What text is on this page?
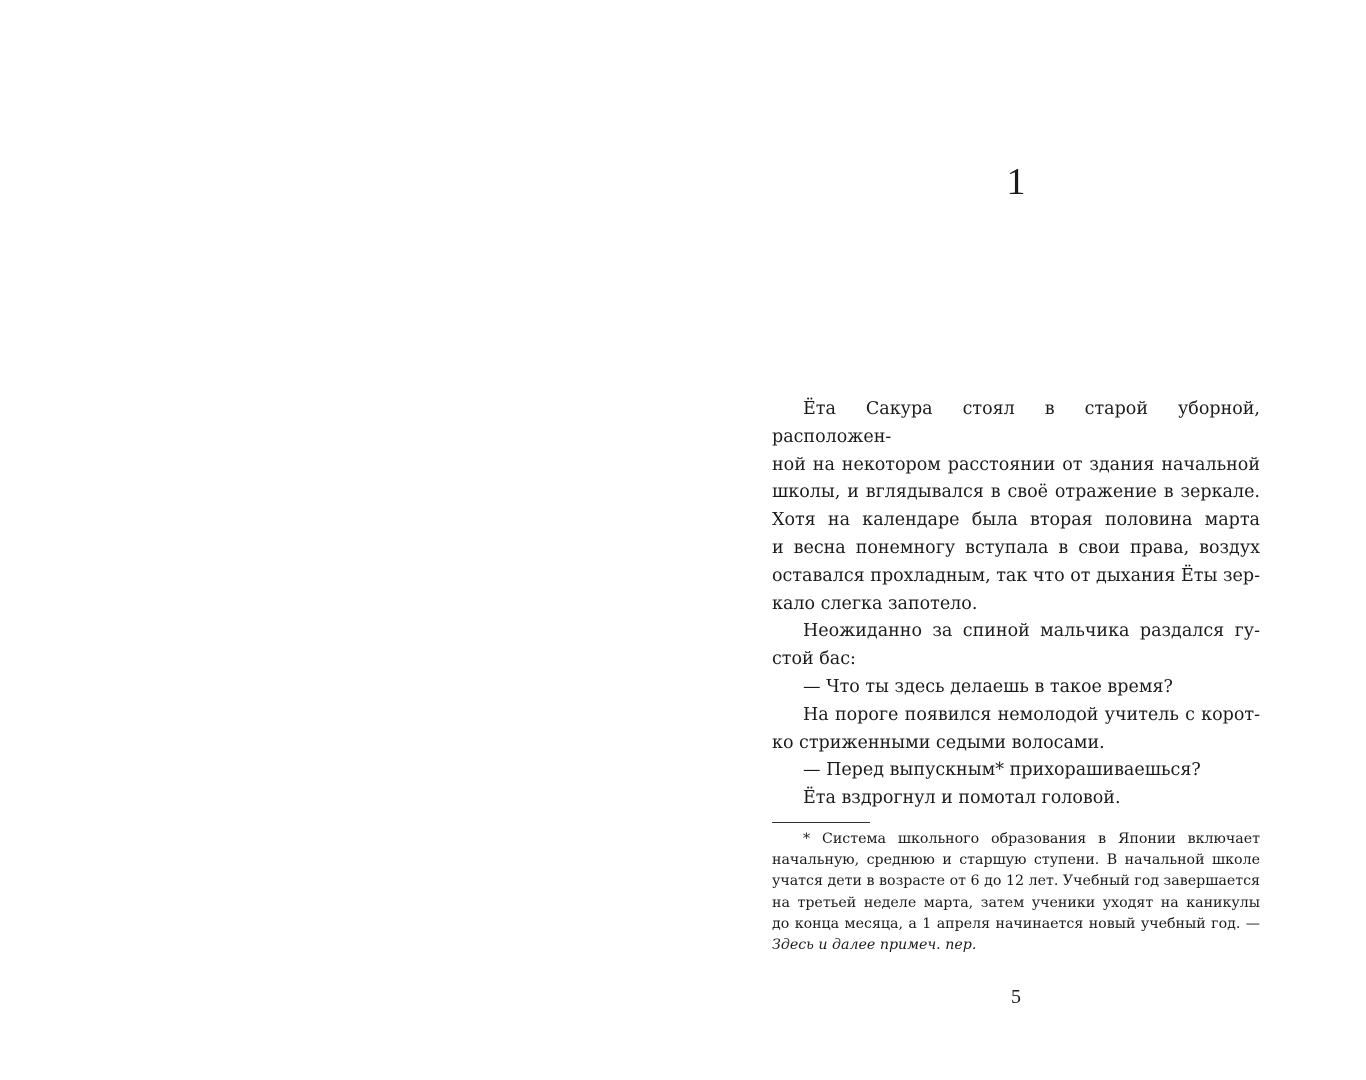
1
Ёта Сакура стоял в старой уборной, расположен-
ной на некотором расстоянии от здания начальной
школы, и вглядывался в своё отражение в зеркале.
Хотя на календаре была вторая половина марта
и весна понемногу вступала в свои права, воздух
оставался прохладным, так что от дыхания Ёты зер-
кало слегка запотело.
Неожиданно за спиной мальчика раздался гу-
стой бас:
— Что ты здесь делаешь в такое время?
На пороге появился немолодой учитель с корот-
ко стриженными седыми волосами.
— Перед выпускным* прихорашиваешься?
Ёта вздрогнул и помотал головой.
* Система школьного образования в Японии включает
начальную, среднюю и старшую ступени. В начальной школе
учатся дети в возрасте от 6 до 12 лет. Учебный год завершается
на третьей неделе марта, затем ученики уходят на каникулы
до конца месяца, а 1 апреля начинается новый учебный год. —
Здесь и далее примеч. пер.
5
